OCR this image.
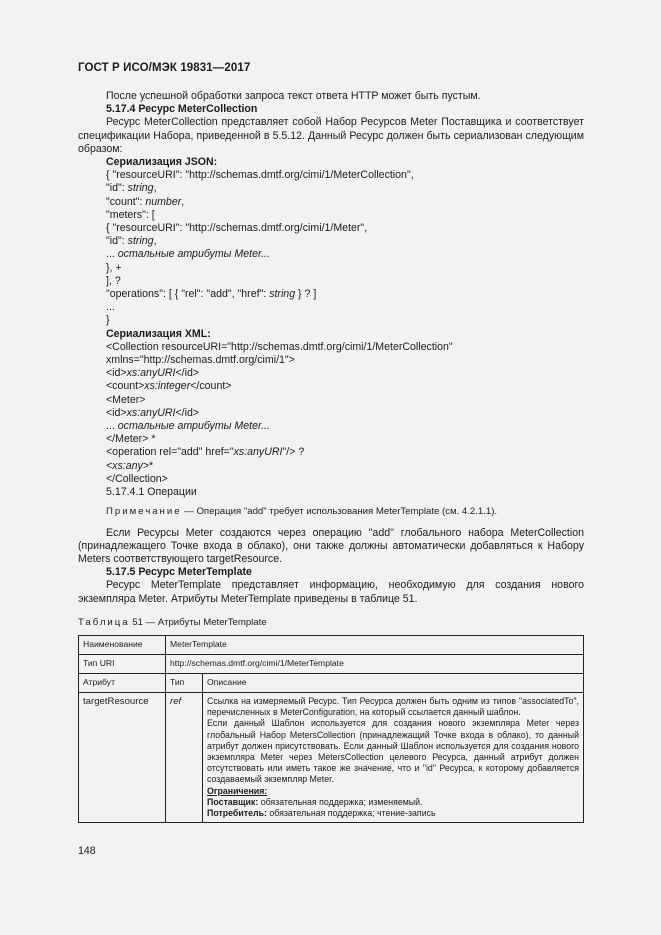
ГОСТ Р ИСО/МЭК 19831—2017

После успешной обработки запроса текст ответа HTTP может быть пустым.

5.17.4 Ресурс MeterCollection

Ресурс MeterCollection представляет собой Набор Ресурсов Meter Поставщика и соответствует спецификации Набора, приведенной в 5.5.12. Данный Ресурс должен быть сериализован следующим образом:

Сериализация JSON:

{ "resourceURI": "http://schemas.dmtf.org/cimi/1/MeterCollection",

"id": string,

"count": number,

"meters": [

{ "resourceURI": "http://schemas.dmtf.org/cimi/1/Meter",

"id": string,

... остальные атрибуты Meter...

}, +

], ?

"operations": [ { "rel": "add", "href": string } ? ]

...

}

Сериализация XML:

<Collection resourceURI="http://schemas.dmtf.org/cimi/1/MeterCollection"

xmlns="http://schemas.dmtf.org/cimi/1">

<id>xs:anyURI</id>

<count>xs:integer</count>

<Meter>

<id>xs:anyURI</id>

... остальные атрибуты Meter...

</Meter> *

<operation rel="add" href="xs:anyURI"/> ?

<xs:any>*

</Collection>

5.17.4.1 Операции

Примечание — Операция "add" требует использования MeterTemplate (см. 4.2.1.1).

Если Ресурсы Meter создаются через операцию "add" глобального набора MeterCollection (принадлежащего Точке входа в облако), они также должны автоматически добавляться к Набору Meters соответствующего targetResource.

5.17.5 Ресурс MeterTemplate

Ресурс MeterTemplate представляет информацию, необходимую для создания нового экземпляра Meter. Атрибуты MeterTemplate приведены в таблице 51.

Таблица 51 — Атрибуты MeterTemplate
Наименование	MeterTemplate	
Тип URI	http://schemas.dmtf.org/cimi/1/MeterTemplate	
Атрибут	Тип	Описание
targetResource	ref	Ссылка на измеряемый Ресурс. Тип Ресурса должен быть одним из типов "associatedTo", перечисленных в MeterConfiguration, на который ссылается данный шаблон.
Если данный Шаблон используется для создания нового экземпляра Meter через глобальный Набор MetersCollection (принадлежащий Точке входа в облако), то данный атрибут должен присутствовать. Если данный Шаблон используется для создания нового экземпляра Meter через MetersCollection целевого Ресурса, данный атрибут должен отсутствовать или иметь такое же значение, что и "id" Ресурса, к которому добавляется создаваемый экземпляр Meter.
Ограничения:
Поставщик: обязательная поддержка; изменяемый.
Потребитель: обязательная поддержка; чтение-запись
148
